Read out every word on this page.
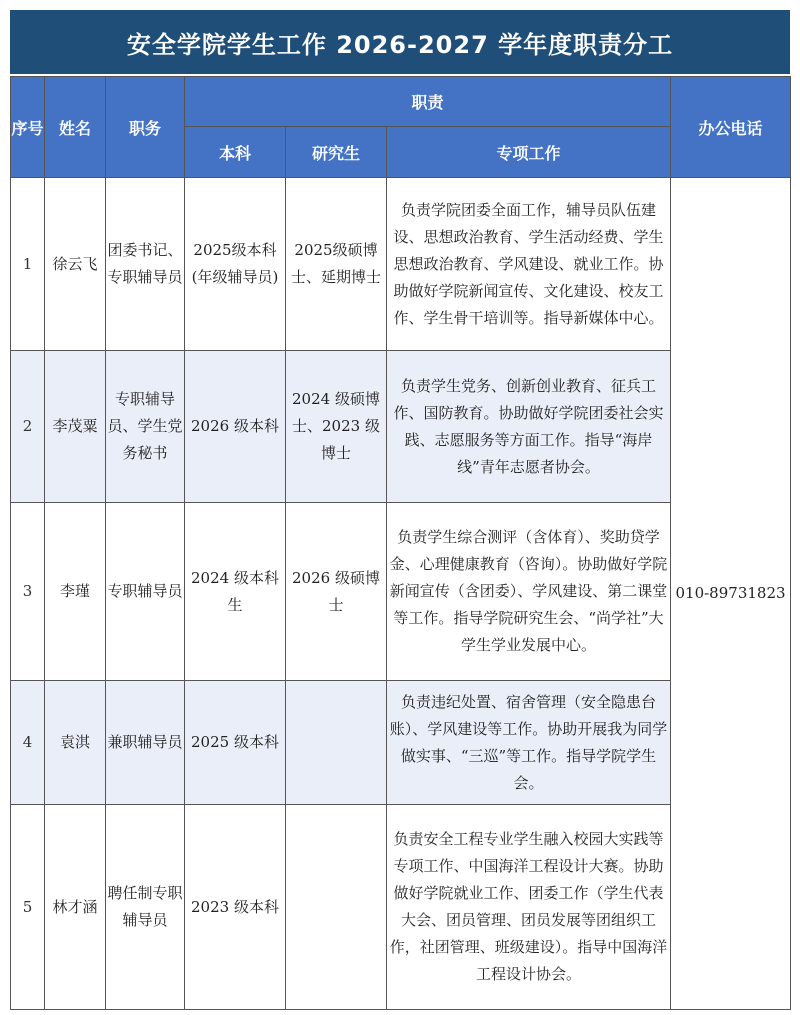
安全学院学生工作 2026-2027 学年度职责分工
序号	姓名	职务	职责			办公电话
			本科	研究生	专项工作	
1	徐云飞	团委书记、专职辅导员	2025级本科(年级辅导员)	2025级硕博士、延期博士	负责学院团委全面工作，辅导员队伍建设、思想政治教育、学生活动经费、学生思想政治教育、学风建设、就业工作。协助做好学院新闻宣传、文化建设、校友工作、学生骨干培训等。指导新媒体中心。	010-89731823
2	李茂粟	专职辅导员、学生党务秘书	2026 级本科	2024 级硕博士、2023 级博士	负责学生党务、创新创业教育、征兵工作、国防教育。协助做好学院团委社会实践、志愿服务等方面工作。指导“海岸线”青年志愿者协会。	
3	李瑾	专职辅导员	2024 级本科生	2026 级硕博士	负责学生综合测评（含体育）、奖助贷学金、心理健康教育（咨询）。协助做好学院新闻宣传（含团委）、学风建设、第二课堂等工作。指导学院研究生会、“尚学社”大学生学业发展中心。	
4	袁淇	兼职辅导员	2025 级本科		负责违纪处置、宿舍管理（安全隐患台账）、学风建设等工作。协助开展我为同学做实事、“三巡”等工作。指导学院学生会。	
5	林才涵	聘任制专职辅导员	2023 级本科		负责安全工程专业学生融入校园大实践等专项工作、中国海洋工程设计大赛。协助做好学院就业工作、团委工作（学生代表大会、团员管理、团员发展等团组织工作，社团管理、班级建设）。指导中国海洋工程设计协会。	
